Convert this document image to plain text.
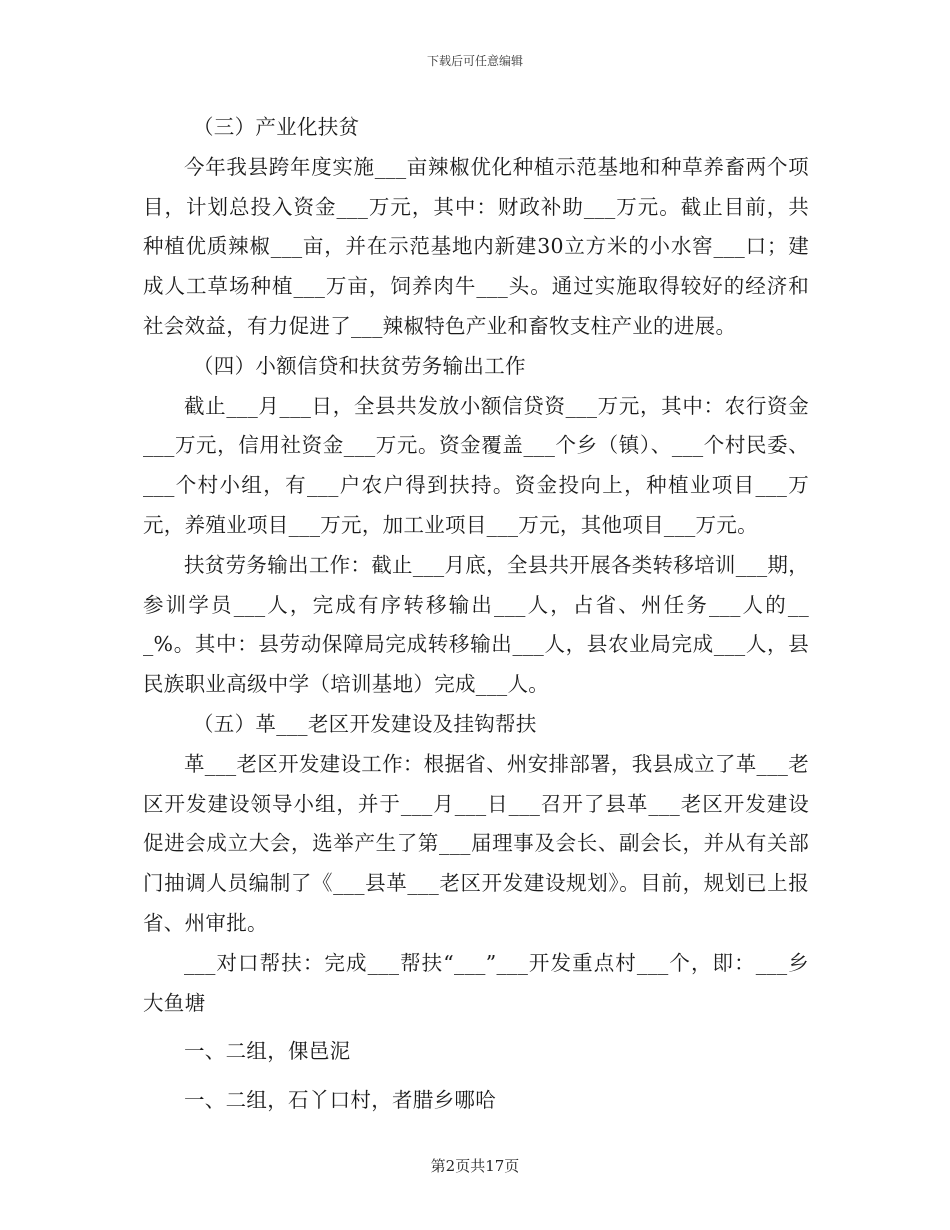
下载后可任意编辑

（三）产业化扶贫

今年我县跨年度实施___亩辣椒优化种植示范基地和种草养畜两个项目，计划总投入资金___万元，其中：财政补助___万元。截止目前，共种植优质辣椒___亩，并在示范基地内新建30立方米的小水窖___口；建成人工草场种植___万亩，饲养肉牛___头。通过实施取得较好的经济和社会效益，有力促进了___辣椒特色产业和畜牧支柱产业的进展。

（四）小额信贷和扶贫劳务输出工作

截止___月___日，全县共发放小额信贷资___万元，其中：农行资金___万元，信用社资金___万元。资金覆盖___个乡（镇）、___个村民委、___个村小组，有___户农户得到扶持。资金投向上，种植业项目___万元，养殖业项目___万元，加工业项目___万元，其他项目___万元。

扶贫劳务输出工作：截止___月底，全县共开展各类转移培训___期，参训学员___人，完成有序转移输出___人，占省、州任务___人的___%。其中：县劳动保障局完成转移输出___人，县农业局完成___人，县民族职业高级中学（培训基地）完成___人。

（五）革___老区开发建设及挂钩帮扶

革___老区开发建设工作：根据省、州安排部署，我县成立了革___老区开发建设领导小组，并于___月___日___召开了县革___老区开发建设促进会成立大会，选举产生了第___届理事及会长、副会长，并从有关部门抽调人员编制了《___县革___老区开发建设规划》。目前，规划已上报省、州审批。

___对口帮扶：完成___帮扶“___”___开发重点村___个，即：___乡大鱼塘

一、二组，倮邑泥

一、二组，石丫口村，者腊乡哪哈

第2页共17页
